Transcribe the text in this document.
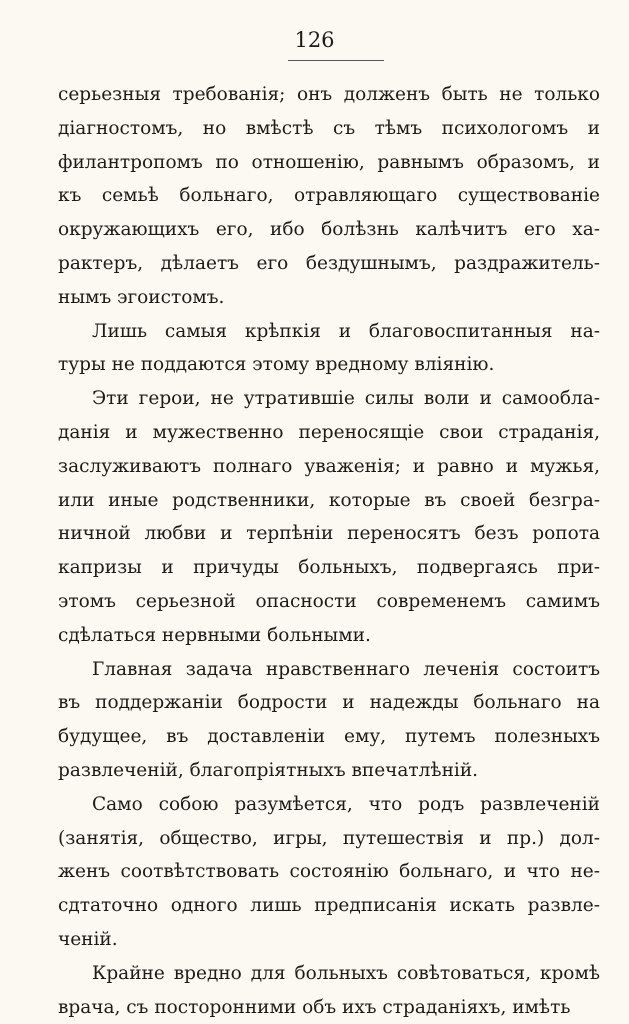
126
серьезныя требованія; онъ долженъ быть не только
діагностомъ, но вмѣстѣ съ тѣмъ психологомъ и
филантропомъ по отношенію, равнымъ образомъ, и
къ семьѣ больнаго, отравляющаго существованіе
окружающихъ его, ибо болѣзнь калѣчитъ его ха-
рактеръ, дѣлаетъ его бездушнымъ, раздражитель-
нымъ эгоистомъ.
Лишь самыя крѣпкія и благовоспитанныя на-
туры не поддаются этому вредному вліянію.
Эти герои, не утратившіе силы воли и самообла-
данія и мужественно переносящіе свои страданія,
заслуживаютъ полнаго уваженія; и равно и мужья,
или иные родственники, которые въ своей безгра-
ничной любви и терпѣніи переносятъ безъ ропота
капризы и причуды больныхъ, подвергаясь при-
этомъ серьезной опасности современемъ самимъ
сдѣлаться нервными больными.
Главная задача нравственнаго леченія состоитъ
въ поддержаніи бодрости и надежды больнаго на
будущее, въ доставленіи ему, путемъ полезныхъ
развлеченій, благопріятныхъ впечатлѣній.
Само собою разумѣется, что родъ развлеченій
(занятія, общество, игры, путешествія и пр.) дол-
женъ соотвѣтствовать состоянію больнаго, и что не-
сдтаточно одного лишь предписанія искать развле-
ченій.
Крайне вредно для больныхъ совѣтоваться, кромѣ
врача, съ посторонними объ ихъ страданіяхъ, имѣть
